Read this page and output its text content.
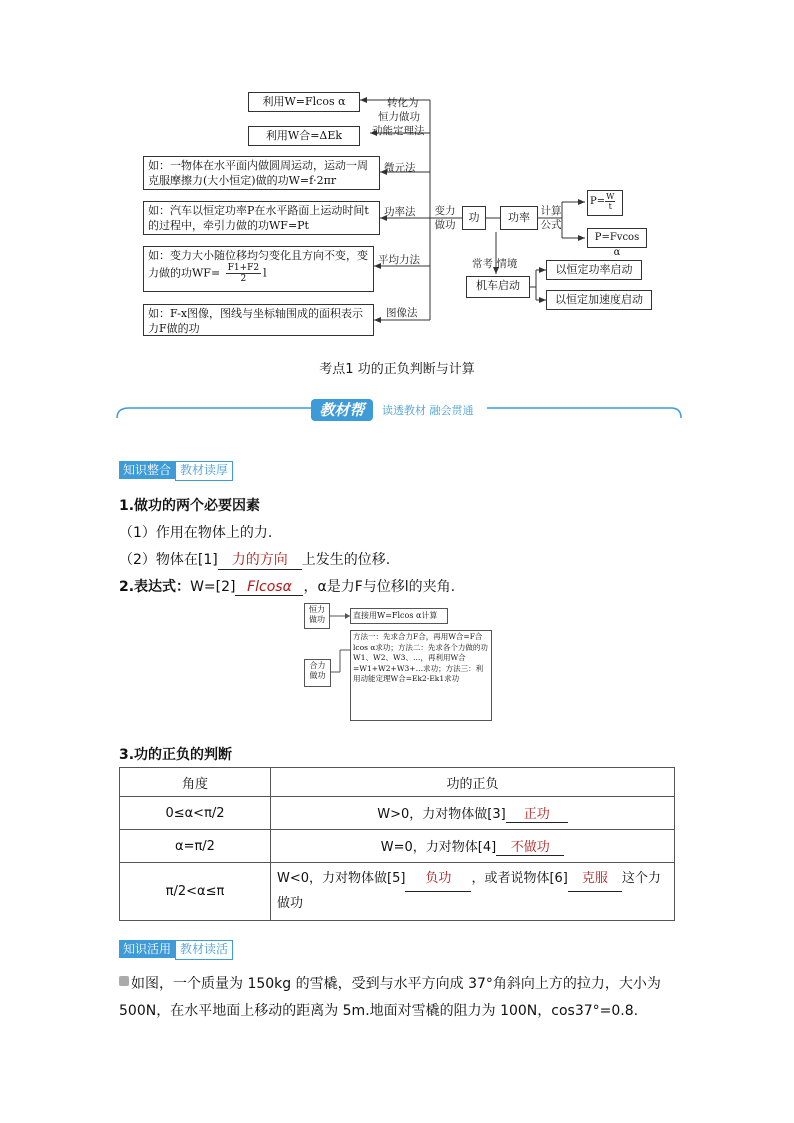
利用W=Flcos α
利用W合=ΔEk
如：一物体在水平面内做圆周运动，运动一周克服摩擦力(大小恒定)做的功W=f·2πr
如：汽车以恒定功率P在水平路面上运动时间t的过程中，牵引力做的功WF=Pt
如：变力大小随位移均匀变化且方向不变，变力做的功$WF= \frac{F1+F2}{2}$ l
如：F-x图像，图线与坐标轴围成的面积表示力F做的功
转化为
恒力做功
动能定理法
微元法
功率法
平均力法
图像法
变力做功
功	功率	计算公式
$P= \frac{W}{t}$
P=Fvcos α
常考 情境
机车启动
以恒定功率启动
以恒定加速度启动
考点1 功的正负判断与计算
教材帮	读透教材 融会贯通
知识整合 教材读厚
1.做功的两个必要因素
（1）作用在物体上的力.
（2）物体在[1] 力的方向 上发生的位移.
2.表达式：W=[2] Flcosα ，α是力F与位移l的夹角.
恒力做功	直接用W=Flcos α计算
合力做功
方法一：先求合力F合，再用W合=F合lcos α求功；方法二：先求各个力做的功W1、W2、W3、…，再利用W合=W1+W2+W3+…求功；方法三：利用动能定理W合=Ek2-Ek1求功
3.功的正负的判断
角度	功的正负
0≤α<π/2	W>0，力对物体做[3] 正功
α=π/2	W=0，力对物体[4] 不做功
π/2<α≤π	W<0，力对物体做[5] 负功 ，或者说物体[6] 克服 这个力做功
知识活用 教材读活
如图，一个质量为 150kg 的雪橇，受到与水平方向成 37°角斜向上方的拉力，大小为 500N，在水平地面上移动的距离为 5m.地面对雪橇的阻力为 100N，cos37°=0.8.
